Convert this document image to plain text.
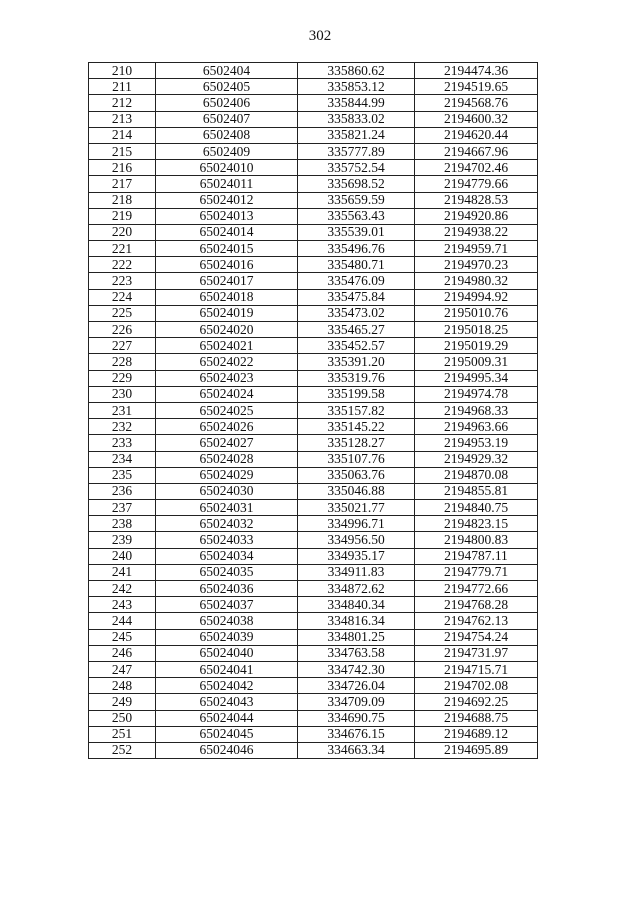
302
210	6502404	335860.62	2194474.36
211	6502405	335853.12	2194519.65
212	6502406	335844.99	2194568.76
213	6502407	335833.02	2194600.32
214	6502408	335821.24	2194620.44
215	6502409	335777.89	2194667.96
216	65024010	335752.54	2194702.46
217	65024011	335698.52	2194779.66
218	65024012	335659.59	2194828.53
219	65024013	335563.43	2194920.86
220	65024014	335539.01	2194938.22
221	65024015	335496.76	2194959.71
222	65024016	335480.71	2194970.23
223	65024017	335476.09	2194980.32
224	65024018	335475.84	2194994.92
225	65024019	335473.02	2195010.76
226	65024020	335465.27	2195018.25
227	65024021	335452.57	2195019.29
228	65024022	335391.20	2195009.31
229	65024023	335319.76	2194995.34
230	65024024	335199.58	2194974.78
231	65024025	335157.82	2194968.33
232	65024026	335145.22	2194963.66
233	65024027	335128.27	2194953.19
234	65024028	335107.76	2194929.32
235	65024029	335063.76	2194870.08
236	65024030	335046.88	2194855.81
237	65024031	335021.77	2194840.75
238	65024032	334996.71	2194823.15
239	65024033	334956.50	2194800.83
240	65024034	334935.17	2194787.11
241	65024035	334911.83	2194779.71
242	65024036	334872.62	2194772.66
243	65024037	334840.34	2194768.28
244	65024038	334816.34	2194762.13
245	65024039	334801.25	2194754.24
246	65024040	334763.58	2194731.97
247	65024041	334742.30	2194715.71
248	65024042	334726.04	2194702.08
249	65024043	334709.09	2194692.25
250	65024044	334690.75	2194688.75
251	65024045	334676.15	2194689.12
252	65024046	334663.34	2194695.89
